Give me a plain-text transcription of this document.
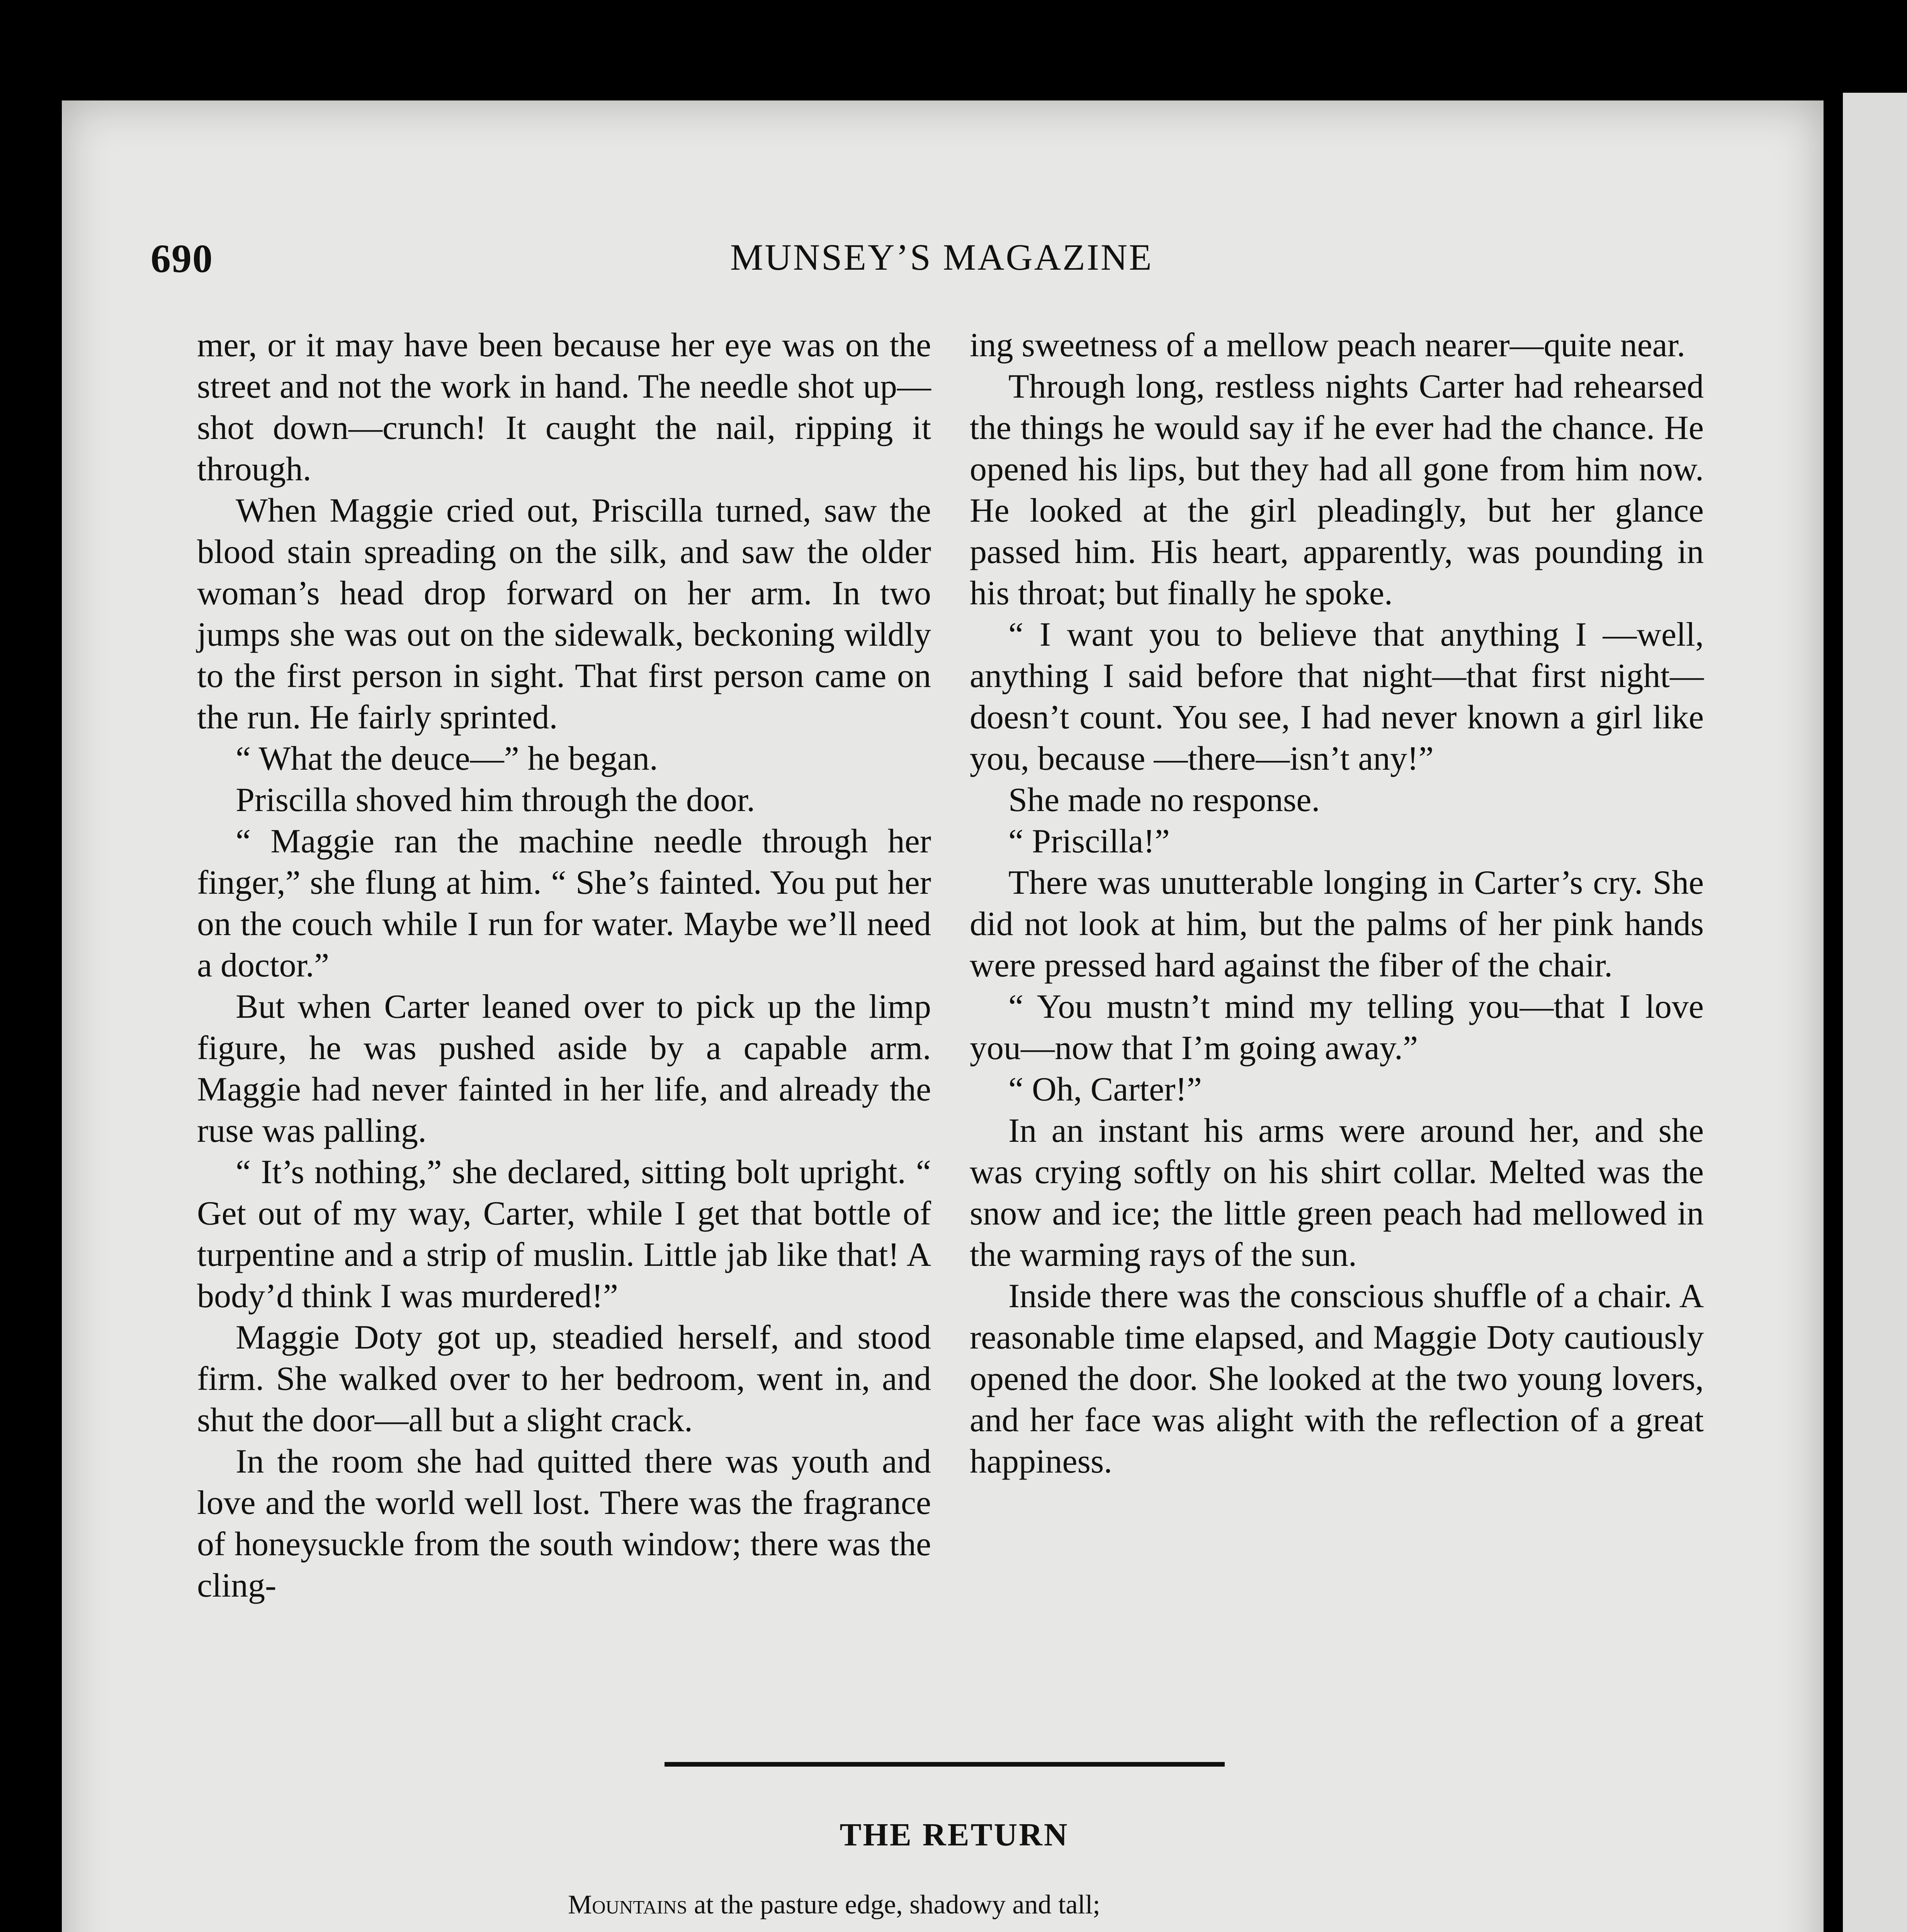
690	MUNSEY’S MAGAZINE

mer, or it may have been because her eye was on the street and not the work in hand. The needle shot up—shot down—crunch! It caught the nail, ripping it through.

When Maggie cried out, Priscilla turned, saw the blood stain spreading on the silk, and saw the older woman’s head drop forward on her arm. In two jumps she was out on the sidewalk, beckoning wildly to the first person in sight. That first person came on the run. He fairly sprinted.

“ What the deuce—” he began.

Priscilla shoved him through the door.

“ Maggie ran the machine needle through her finger,” she flung at him. “ She’s fainted. You put her on the couch while I run for water. Maybe we’ll need a doctor.”

But when Carter leaned over to pick up the limp figure, he was pushed aside by a capable arm. Maggie had never fainted in her life, and already the ruse was palling.

“ It’s nothing,” she declared, sitting bolt upright. “ Get out of my way, Carter, while I get that bottle of turpentine and a strip of muslin. Little jab like that! A body’d think I was murdered!”

Maggie Doty got up, steadied herself, and stood firm. She walked over to her bedroom, went in, and shut the door—all but a slight crack.

In the room she had quitted there was youth and love and the world well lost. There was the fragrance of honeysuckle from the south window; there was the cling-

ing sweetness of a mellow peach nearer—quite near.

Through long, restless nights Carter had rehearsed the things he would say if he ever had the chance. He opened his lips, but they had all gone from him now. He looked at the girl pleadingly, but her glance passed him. His heart, apparently, was pounding in his throat; but finally he spoke.

“ I want you to believe that anything I —well, anything I said before that night—that first night—doesn’t count. You see, I had never known a girl like you, because —there—isn’t any!”

She made no response.

“ Priscilla!”

There was unutterable longing in Carter’s cry. She did not look at him, but the palms of her pink hands were pressed hard against the fiber of the chair.

“ You mustn’t mind my telling you—that I love you—now that I’m going away.”

“ Oh, Carter!”

In an instant his arms were around her, and she was crying softly on his shirt collar. Melted was the snow and ice; the little green peach had mellowed in the warming rays of the sun.

Inside there was the conscious shuffle of a chair. A reasonable time elapsed, and Maggie Doty cautiously opened the door. She looked at the two young lovers, and her face was alight with the reflection of a great happiness.

THE RETURN
Mountains at the pasture edge, shadowy and tall;
